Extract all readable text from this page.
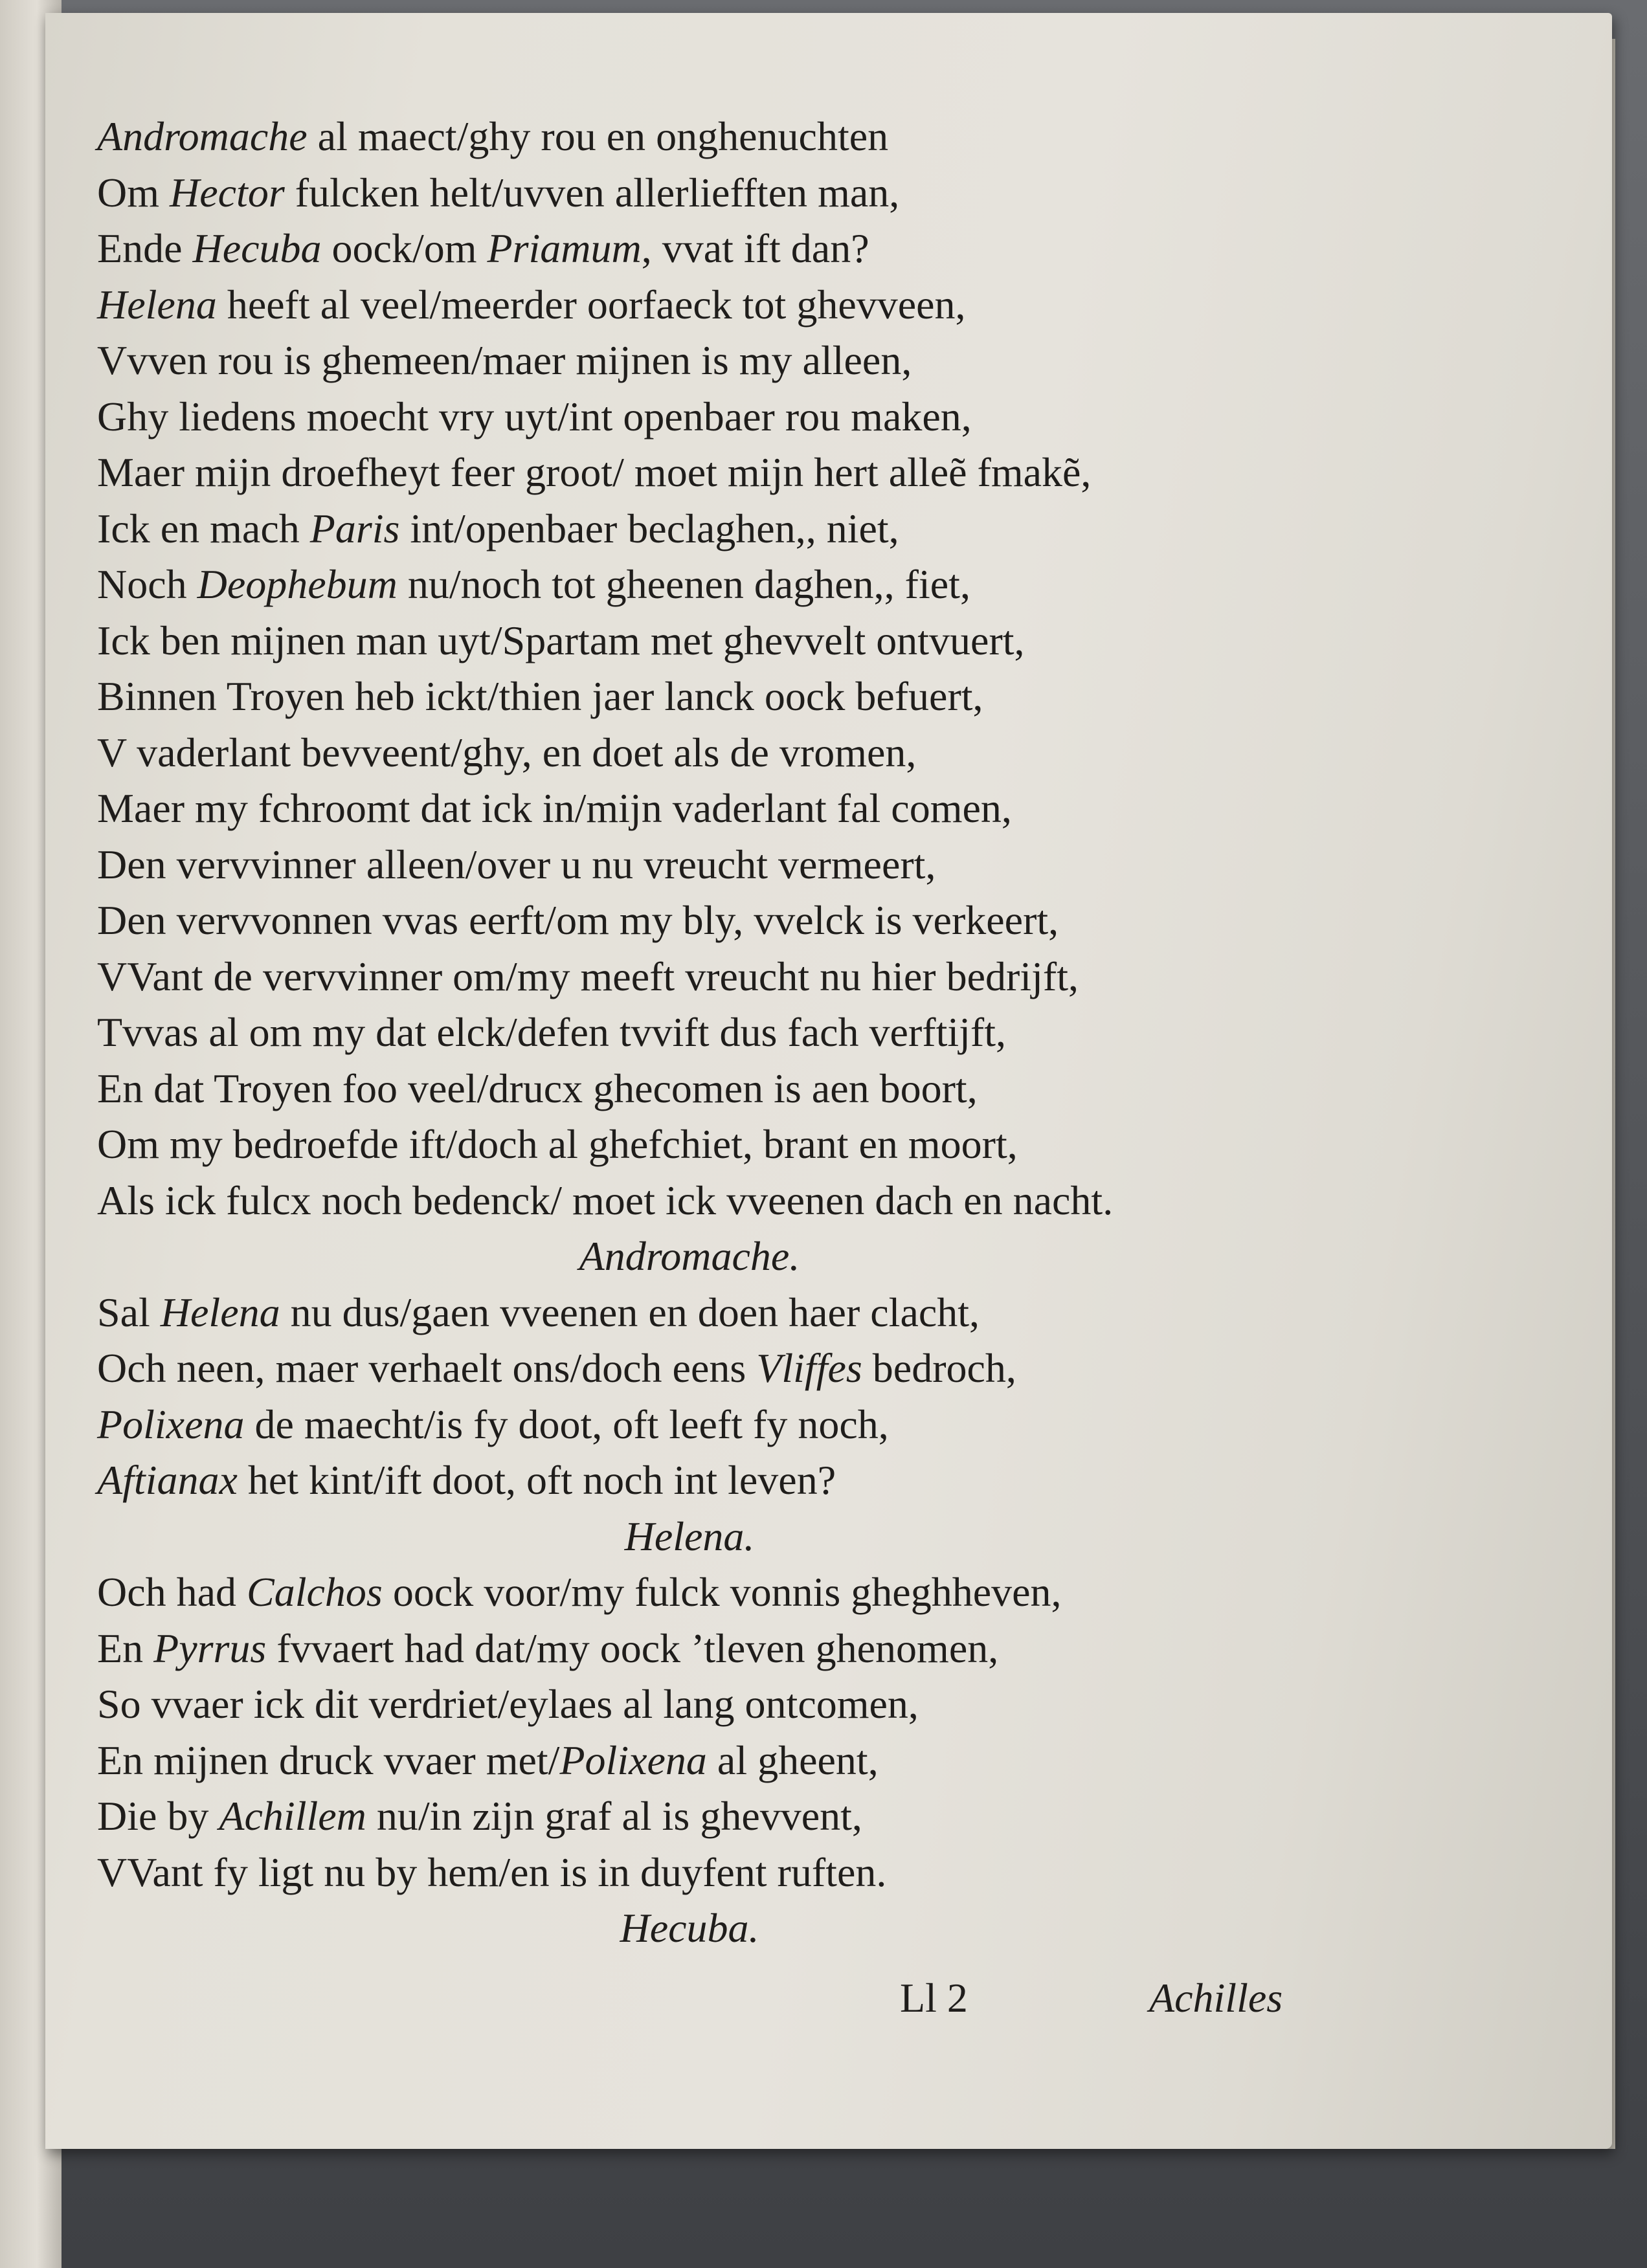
Andromache al maect/ghy rou en onghenuchten
Om Hector fulcken helt/uvven allerliefften man,
Ende Hecuba oock/om Priamum, vvat ift dan?
Helena heeft al veel/meerder oorfaeck tot ghevveen,
Vvven rou is ghemeen/maer mijnen is my alleen,
Ghy liedens moecht vry uyt/int openbaer rou maken,
Maer mijn droefheyt feer groot/ moet mijn hert alleẽ fmakẽ,
Ick en mach Paris int/openbaer beclaghen,, niet,
Noch Deophebum nu/noch tot gheenen daghen,, fiet,
Ick ben mijnen man uyt/Spartam met ghevvelt ontvuert,
Binnen Troyen heb ickt/thien jaer lanck oock befuert,
V vaderlant bevveent/ghy, en doet als de vromen,
Maer my fchroomt dat ick in/mijn vaderlant fal comen,
Den vervvinner alleen/over u nu vreucht vermeert,
Den vervvonnen vvas eerft/om my bly, vvelck is verkeert,
VVant de vervvinner om/my meeft vreucht nu hier bedrijft,
Tvvas al om my dat elck/defen tvvift dus fach verftijft,
En dat Troyen foo veel/drucx ghecomen is aen boort,
Om my bedroefde ift/doch al ghefchiet, brant en moort,
Als ick fulcx noch bedenck/ moet ick vveenen dach en nacht.
Andromache.
Sal Helena nu dus/gaen vveenen en doen haer clacht,
Och neen, maer verhaelt ons/doch eens Vliffes bedroch,
Polixena de maecht/is fy doot, oft leeft fy noch,
Aftianax het kint/ift doot, oft noch int leven?
Helena.
Och had Calchos oock voor/my fulck vonnis gheghheven,
En Pyrrus fvvaert had dat/my oock ’tleven ghenomen,
So vvaer ick dit verdriet/eylaes al lang ontcomen,
En mijnen druck vvaer met/Polixena al gheent,
Die by Achillem nu/in zijn graf al is ghevvent,
VVant fy ligt nu by hem/en is in duyfent ruften.
Hecuba.
Ll 2	Achilles
